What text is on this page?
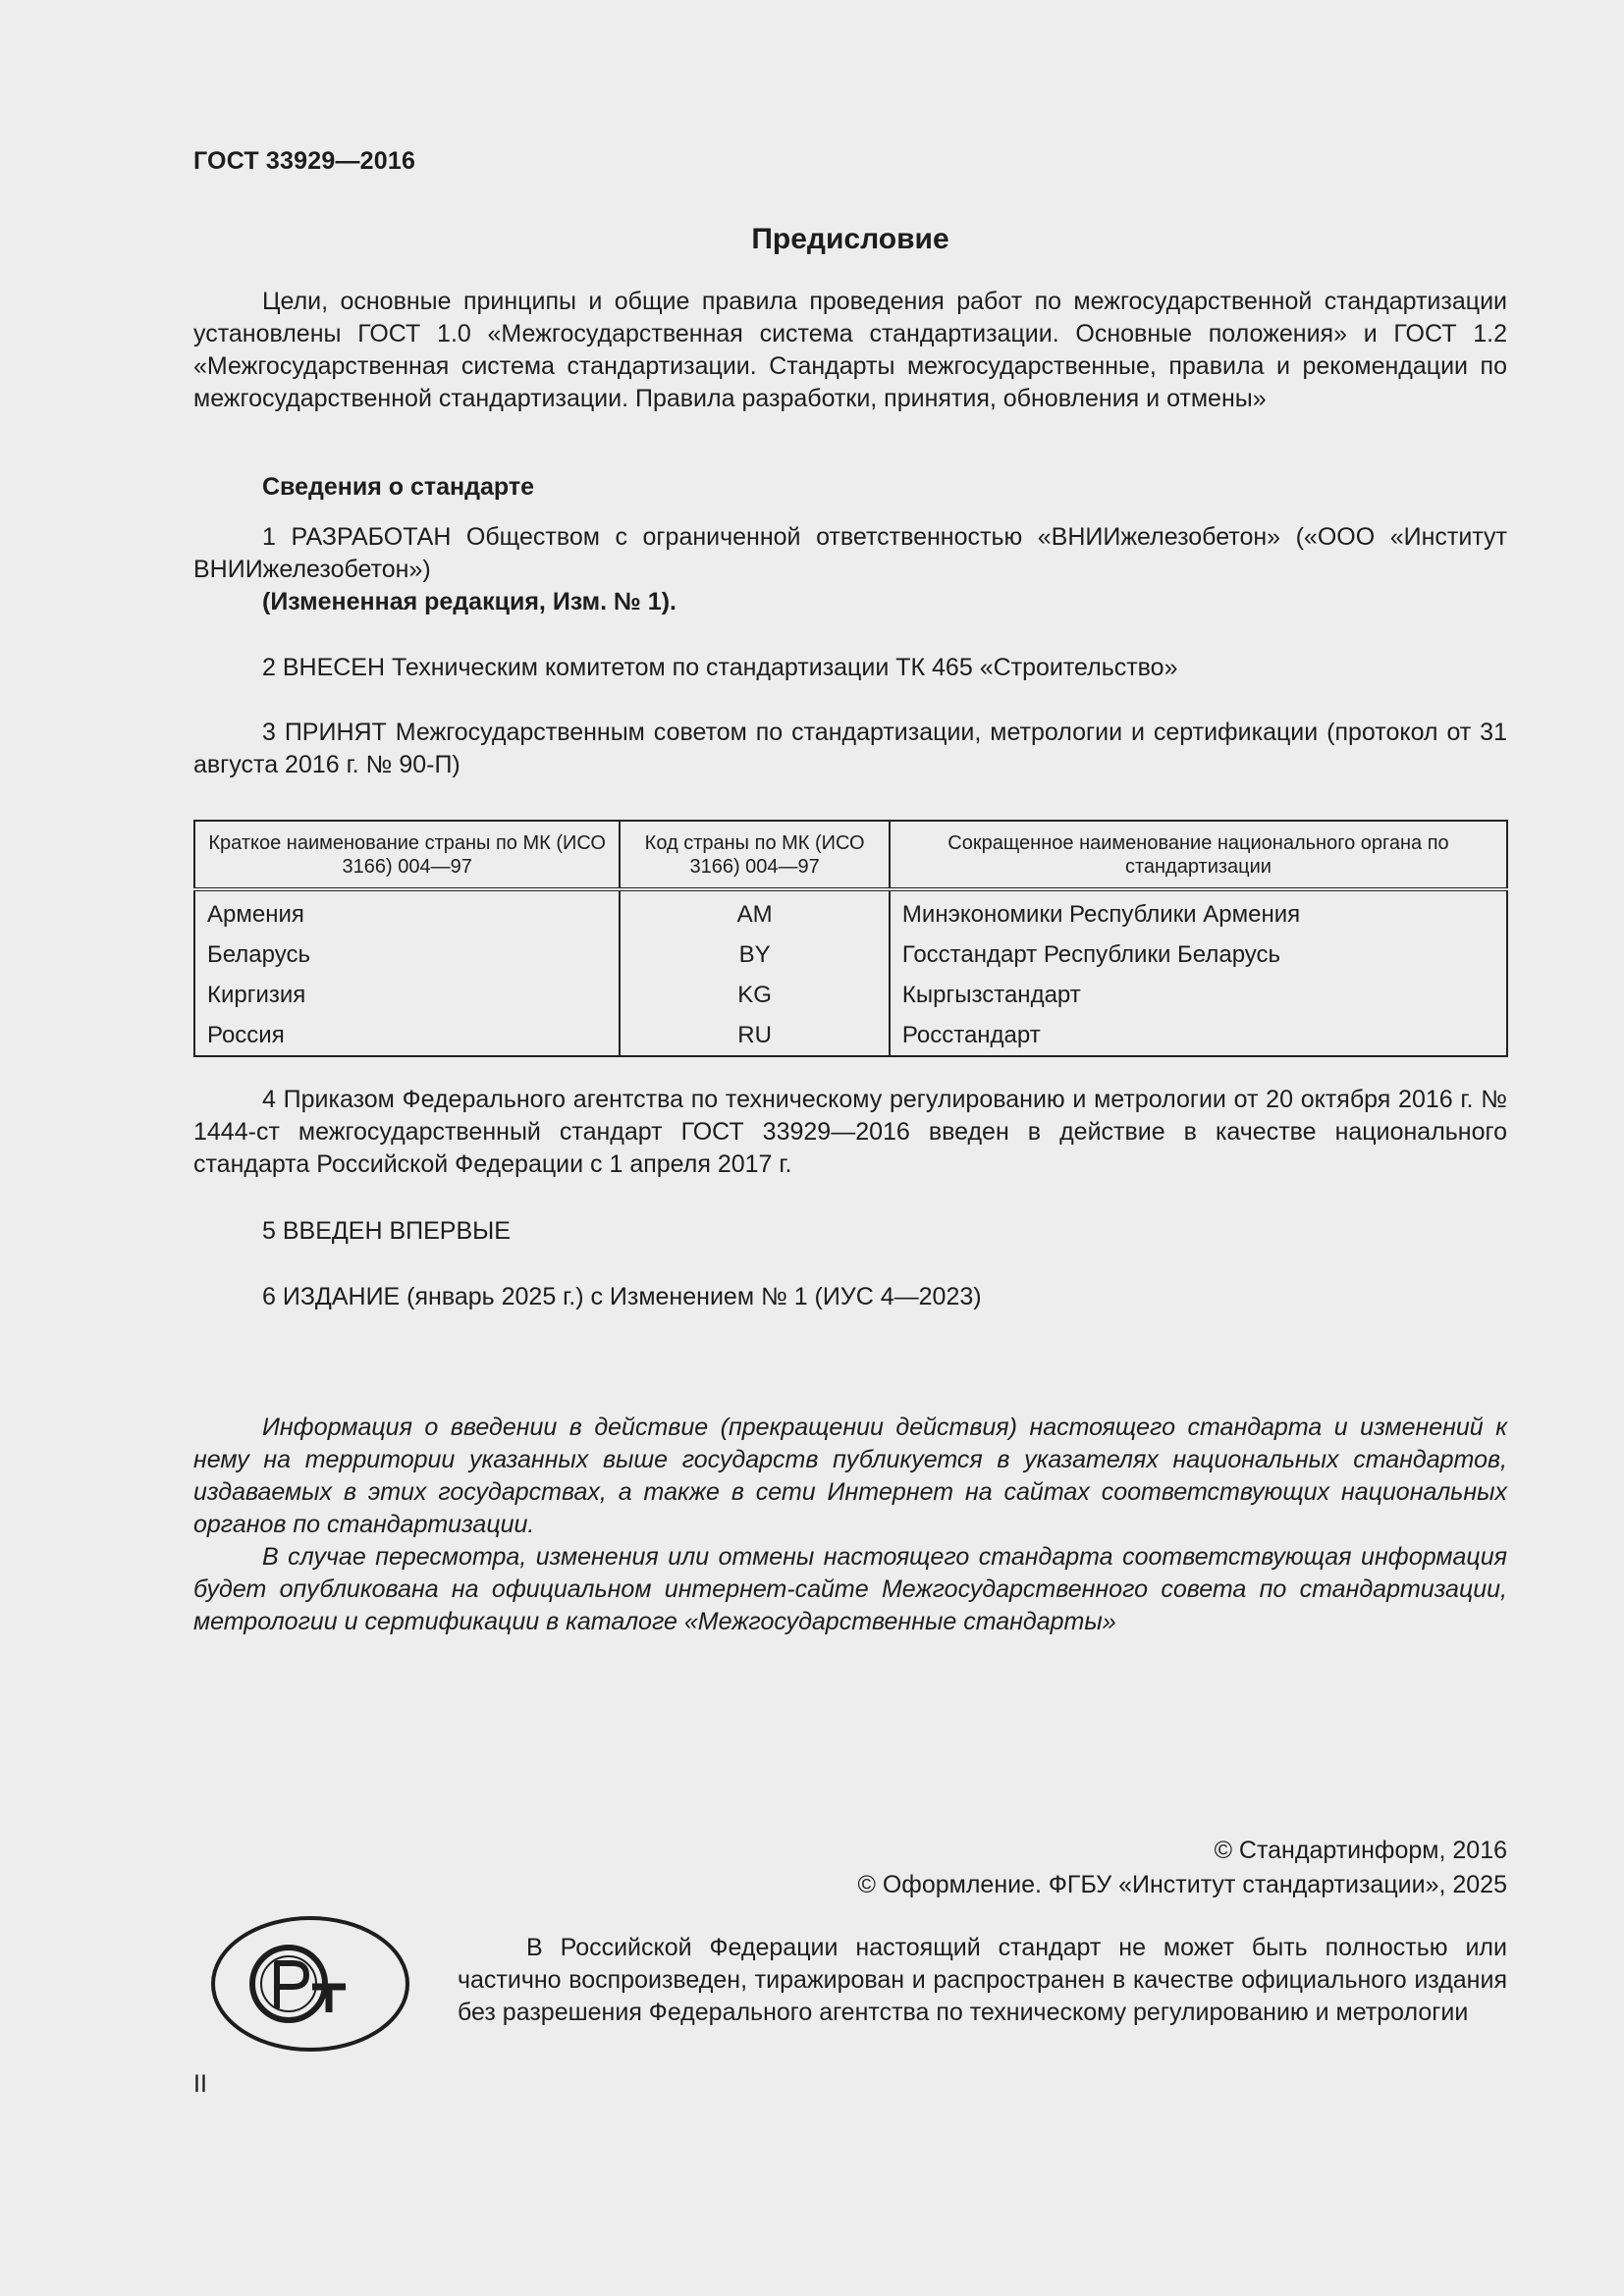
ГОСТ 33929—2016
Предисловие

Цели, основные принципы и общие правила проведения работ по межгосударственной стандартизации установлены ГОСТ 1.0 «Межгосударственная система стандартизации. Основные положения» и ГОСТ 1.2 «Межгосударственная система стандартизации. Стандарты межгосударственные, правила и рекомендации по межгосударственной стандартизации. Правила разработки, принятия, обновления и отмены»

Сведения о стандарте

1 РАЗРАБОТАН Обществом с ограниченной ответственностью «ВНИИжелезобетон» («ООО «Институт ВНИИжелезобетон»)

(Измененная редакция, Изм. № 1).

2 ВНЕСЕН Техническим комитетом по стандартизации ТК 465 «Строительство»

3 ПРИНЯТ Межгосударственным советом по стандартизации, метрологии и сертификации (протокол от 31 августа 2016 г. № 90-П)

Краткое наименование страны по МК (ИСО 3166) 004—97	Код страны по МК (ИСО 3166) 004—97	Сокращенное наименование национального органа по стандартизации
Армения	AM	Минэкономики Республики Армения
Беларусь	BY	Госстандарт Республики Беларусь
Киргизия	KG	Кыргызстандарт
Россия	RU	Росстандарт

4 Приказом Федерального агентства по техническому регулированию и метрологии от 20 октября 2016 г. № 1444-ст межгосударственный стандарт ГОСТ 33929—2016 введен в действие в качестве национального стандарта Российской Федерации с 1 апреля 2017 г.

5 ВВЕДЕН ВПЕРВЫЕ

6 ИЗДАНИЕ (январь 2025 г.) с Изменением № 1 (ИУС 4—2023)

Информация о введении в действие (прекращении действия) настоящего стандарта и изменений к нему на территории указанных выше государств публикуется в указателях национальных стандартов, издаваемых в этих государствах, а также в сети Интернет на сайтах соответствующих национальных органов по стандартизации.

В случае пересмотра, изменения или отмены настоящего стандарта соответствующая информация будет опубликована на официальном интернет-сайте Межгосударственного совета по стандартизации, метрологии и сертификации в каталоге «Межгосударственные стандарты»

© Стандартинформ, 2016
© Оформление. ФГБУ «Институт стандартизации», 2025

В Российской Федерации настоящий стандарт не может быть полностью или частично воспроизведен, тиражирован и распространен в качестве официального издания без разрешения Федерального агентства по техническому регулированию и метрологии

II
